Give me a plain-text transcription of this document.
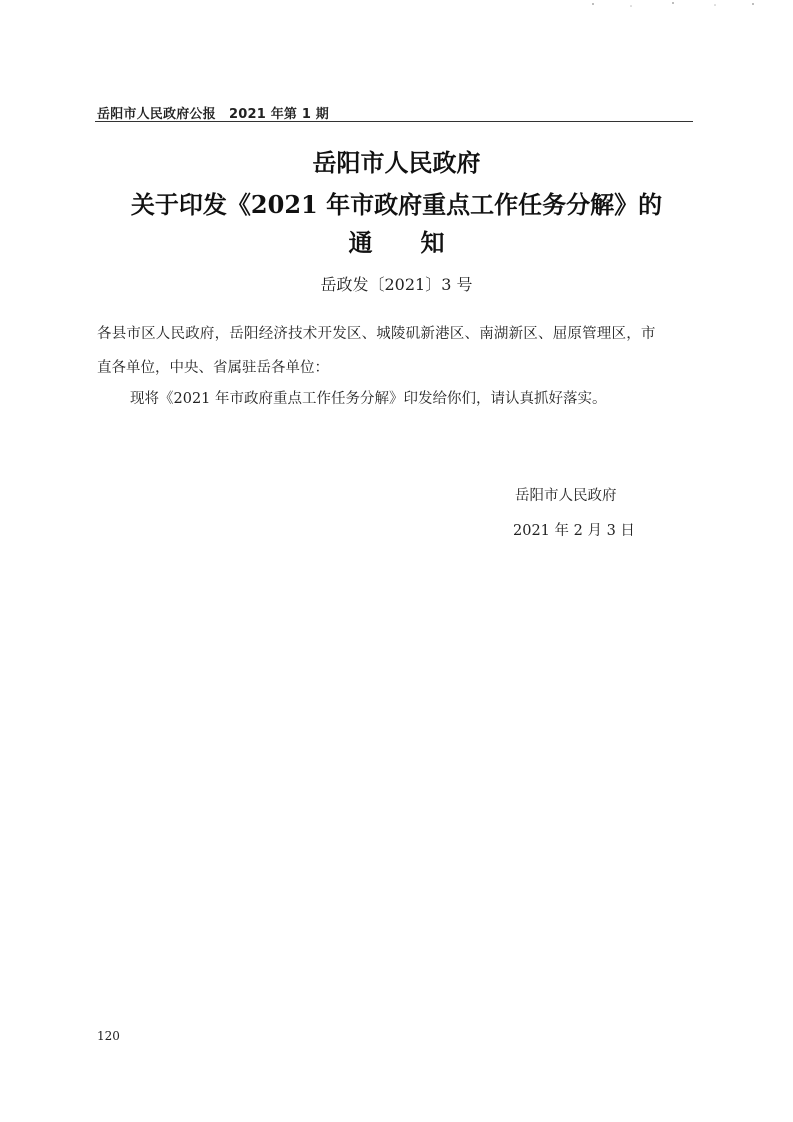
岳阳市人民政府公报　2021 年第 1 期
岳阳市人民政府
关于印发《2021 年市政府重点工作任务分解》的
通知
岳政发〔2021〕3 号
各县市区人民政府，岳阳经济技术开发区、城陵矶新港区、南湖新区、屈原管理区，市
直各单位，中央、省属驻岳各单位：
现将《2021 年市政府重点工作任务分解》印发给你们，请认真抓好落实。
岳阳市人民政府
2021 年 2 月 3 日
120
